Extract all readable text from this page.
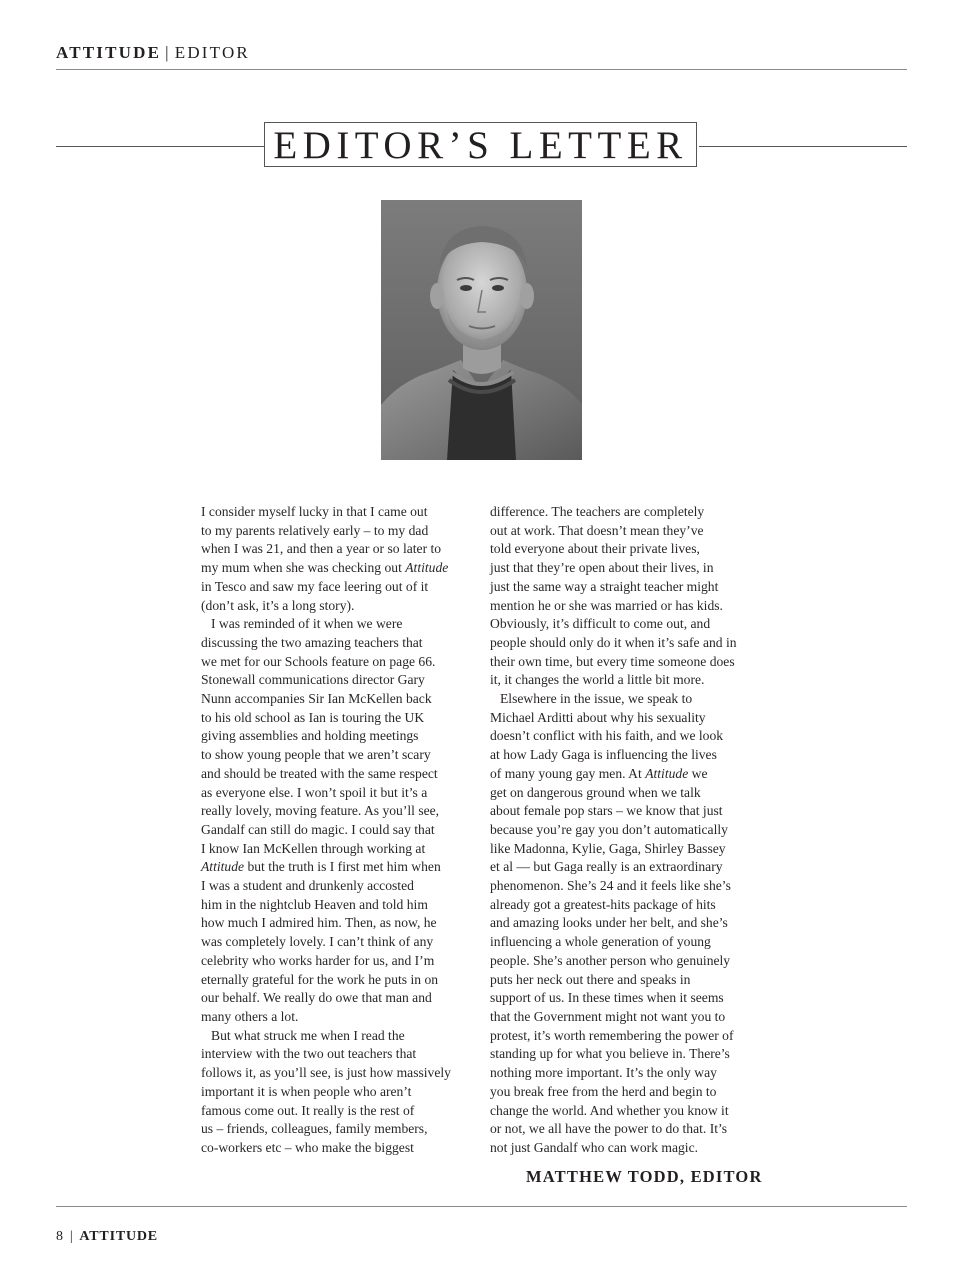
ATTITUDE | EDITOR
EDITOR’S LETTER

I consider myself lucky in that I came out
to my parents relatively early – to my dad
when I was 21, and then a year or so later to
my mum when she was checking out Attitude
in Tesco and saw my face leering out of it
(don’t ask, it’s a long story).

I was reminded of it when we were
discussing the two amazing teachers that
we met for our Schools feature on page 66.
Stonewall communications director Gary
Nunn accompanies Sir Ian McKellen back
to his old school as Ian is touring the UK
giving assemblies and holding meetings
to show young people that we aren’t scary
and should be treated with the same respect
as everyone else. I won’t spoil it but it’s a
really lovely, moving feature. As you’ll see,
Gandalf can still do magic. I could say that
I know Ian McKellen through working at
Attitude but the truth is I first met him when
I was a student and drunkenly accosted
him in the nightclub Heaven and told him
how much I admired him. Then, as now, he
was completely lovely. I can’t think of any
celebrity who works harder for us, and I’m
eternally grateful for the work he puts in on
our behalf. We really do owe that man and
many others a lot.

But what struck me when I read the
interview with the two out teachers that
follows it, as you’ll see, is just how massively
important it is when people who aren’t
famous come out. It really is the rest of
us – friends, colleagues, family members,
co-workers etc – who make the biggest

difference. The teachers are completely
out at work. That doesn’t mean they’ve
told everyone about their private lives,
just that they’re open about their lives, in
just the same way a straight teacher might
mention he or she was married or has kids.
Obviously, it’s difficult to come out, and
people should only do it when it’s safe and in
their own time, but every time someone does
it, it changes the world a little bit more.

Elsewhere in the issue, we speak to
Michael Arditti about why his sexuality
doesn’t conflict with his faith, and we look
at how Lady Gaga is influencing the lives
of many young gay men. At Attitude we
get on dangerous ground when we talk
about female pop stars – we know that just
because you’re gay you don’t automatically
like Madonna, Kylie, Gaga, Shirley Bassey
et al — but Gaga really is an extraordinary
phenomenon. She’s 24 and it feels like she’s
already got a greatest-hits package of hits
and amazing looks under her belt, and she’s
influencing a whole generation of young
people. She’s another person who genuinely
puts her neck out there and speaks in
support of us. In these times when it seems
that the Government might not want you to
protest, it’s worth remembering the power of
standing up for what you believe in. There’s
nothing more important. It’s the only way
you break free from the herd and begin to
change the world. And whether you know it
or not, we all have the power to do that. It’s
not just Gandalf who can work magic.

MATTHEW TODD, EDITOR
8 | ATTITUDE
